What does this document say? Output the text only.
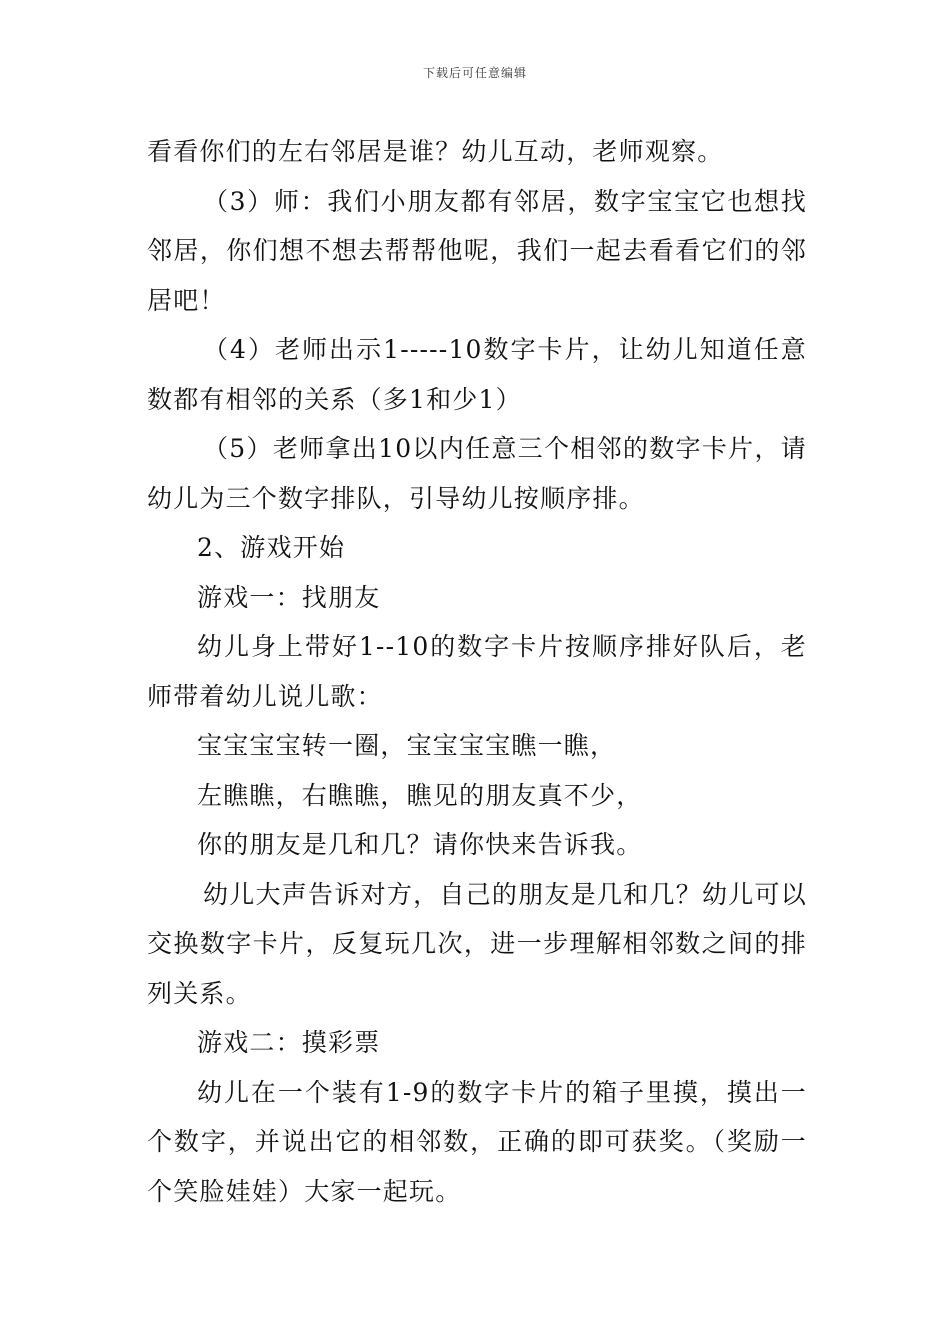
下载后可任意编辑

看看你们的左右邻居是谁？幼儿互动，老师观察。

（3）师：我们小朋友都有邻居，数字宝宝它也想找邻居，你们想不想去帮帮他呢，我们一起去看看它们的邻居吧！

（4）老师出示1-----10数字卡片，让幼儿知道任意数都有相邻的关系（多1和少1）

（5）老师拿出10以内任意三个相邻的数字卡片，请幼儿为三个数字排队，引导幼儿按顺序排。

2、游戏开始

游戏一：找朋友

幼儿身上带好1--10的数字卡片按顺序排好队后，老师带着幼儿说儿歌：

宝宝宝宝转一圈，宝宝宝宝瞧一瞧，

左瞧瞧，右瞧瞧，瞧见的朋友真不少，

你的朋友是几和几？请你快来告诉我。

幼儿大声告诉对方，自己的朋友是几和几？幼儿可以交换数字卡片，反复玩几次，进一步理解相邻数之间的排列关系。

游戏二：摸彩票

幼儿在一个装有1-9的数字卡片的箱子里摸，摸出一个数字，并说出它的相邻数，正确的即可获奖。（奖励一个笑脸娃娃）大家一起玩。
